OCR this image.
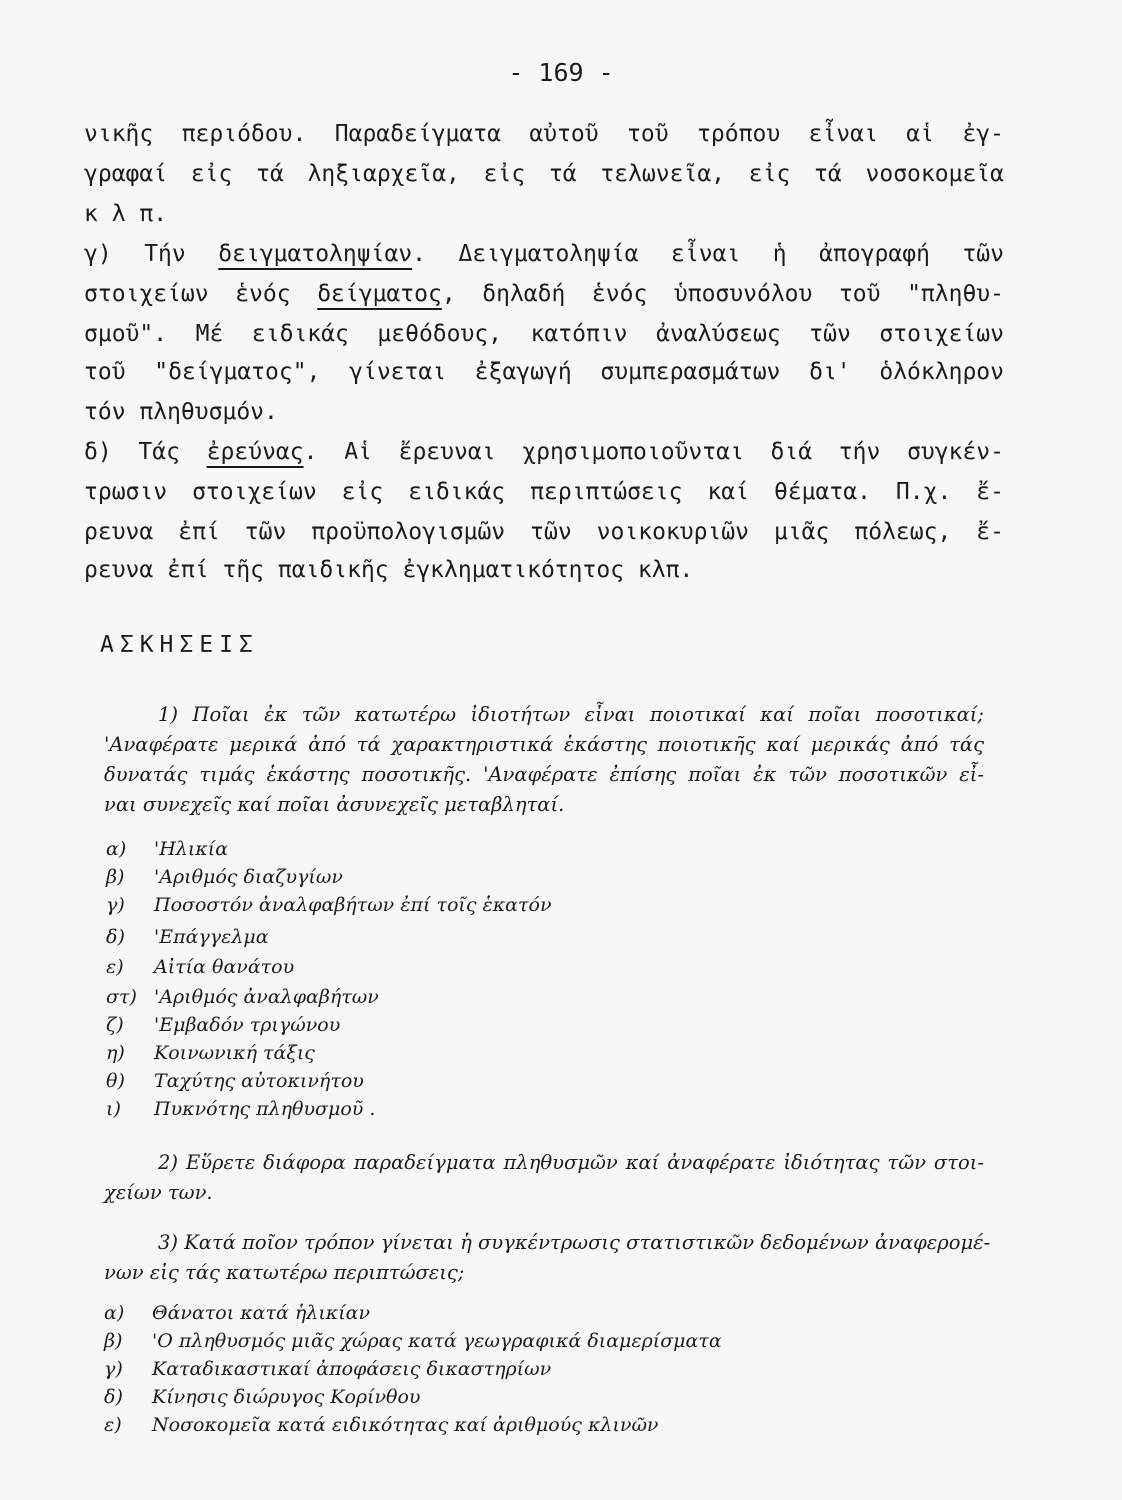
- 169 -
νικῆς περιόδου. Παραδείγματα αὐτοῦ τοῦ τρόπου εἶναι αἱ ἐγ-
γραφαί εἰς τά ληξιαρχεῖα, εἰς τά τελωνεῖα, εἰς τά νοσοκομεῖα
κ λ π.
γ) Τήν δειγματοληψίαν. Δειγματοληψία εἶναι ἡ ἀπογραφή τῶν
στοιχείων ἑνός δείγματος, δηλαδή ἑνός ὑποσυνόλου τοῦ "πληθυ-
σμοῦ". Μέ ειδικάς μεθόδους, κατόπιν ἀναλύσεως τῶν στοιχείων
τοῦ "δείγματος", γίνεται ἐξαγωγή συμπερασμάτων δι' ὁλόκληρον
τόν πληθυσμόν.
δ) Τάς ἐρεύνας. Αἱ ἔρευναι χρησιμοποιοῦνται διά τήν συγκέν-
τρωσιν στοιχείων εἰς ειδικάς περιπτώσεις καί θέματα. Π.χ. ἔ-
ρευνα ἐπί τῶν προϋπολογισμῶν τῶν νοικοκυριῶν μιᾶς πόλεως, ἔ-
ρευνα ἐπί τῆς παιδικῆς ἐγκληματικότητος κλπ.
ΑΣΚΗΣΕΙΣ
1) Ποῖαι ἐκ τῶν κατωτέρω ἰδιοτήτων εἶναι ποιοτικαί καί ποῖαι ποσοτικαί;
'Αναφέρατε μερικά ἀπό τά χαρακτηριστικά ἑκάστης ποιοτικῆς καί μερικάς ἀπό τάς
δυνατάς τιμάς ἑκάστης ποσοτικῆς. 'Αναφέρατε ἐπίσης ποῖαι ἐκ τῶν ποσοτικῶν εἶ-
ναι συνεχεῖς καί ποῖαι ἀσυνεχεῖς μεταβληταί.
α) 'Ηλικία
β) 'Αριθμός διαζυγίων
γ) Ποσοστόν ἀναλφαβήτων ἐπί τοῖς ἑκατόν
δ) 'Επάγγελμα
ε) Αἰτία θανάτου
στ) 'Αριθμός ἀναλφαβήτων
ζ) 'Εμβαδόν τριγώνου
η) Κοινωνική τάξις
θ) Ταχύτης αὐτοκινήτου
ι) Πυκνότης πληθυσμοῦ .
2) Εὕρετε διάφορα παραδείγματα πληθυσμῶν καί ἀναφέρατε ἰδιότητας τῶν στοι-
χείων των.
3) Κατά ποῖον τρόπον γίνεται ἡ συγκέντρωσις στατιστικῶν δεδομένων ἀναφερομέ-
νων εἰς τάς κατωτέρω περιπτώσεις;
α) Θάνατοι κατά ἡλικίαν
β) 'Ο πληθυσμός μιᾶς χώρας κατά γεωγραφικά διαμερίσματα
γ) Καταδικαστικαί ἀποφάσεις δικαστηρίων
δ) Κίνησις διώρυγος Κορίνθου
ε) Νοσοκομεῖα κατά ειδικότητας καί ἀριθμούς κλινῶν
